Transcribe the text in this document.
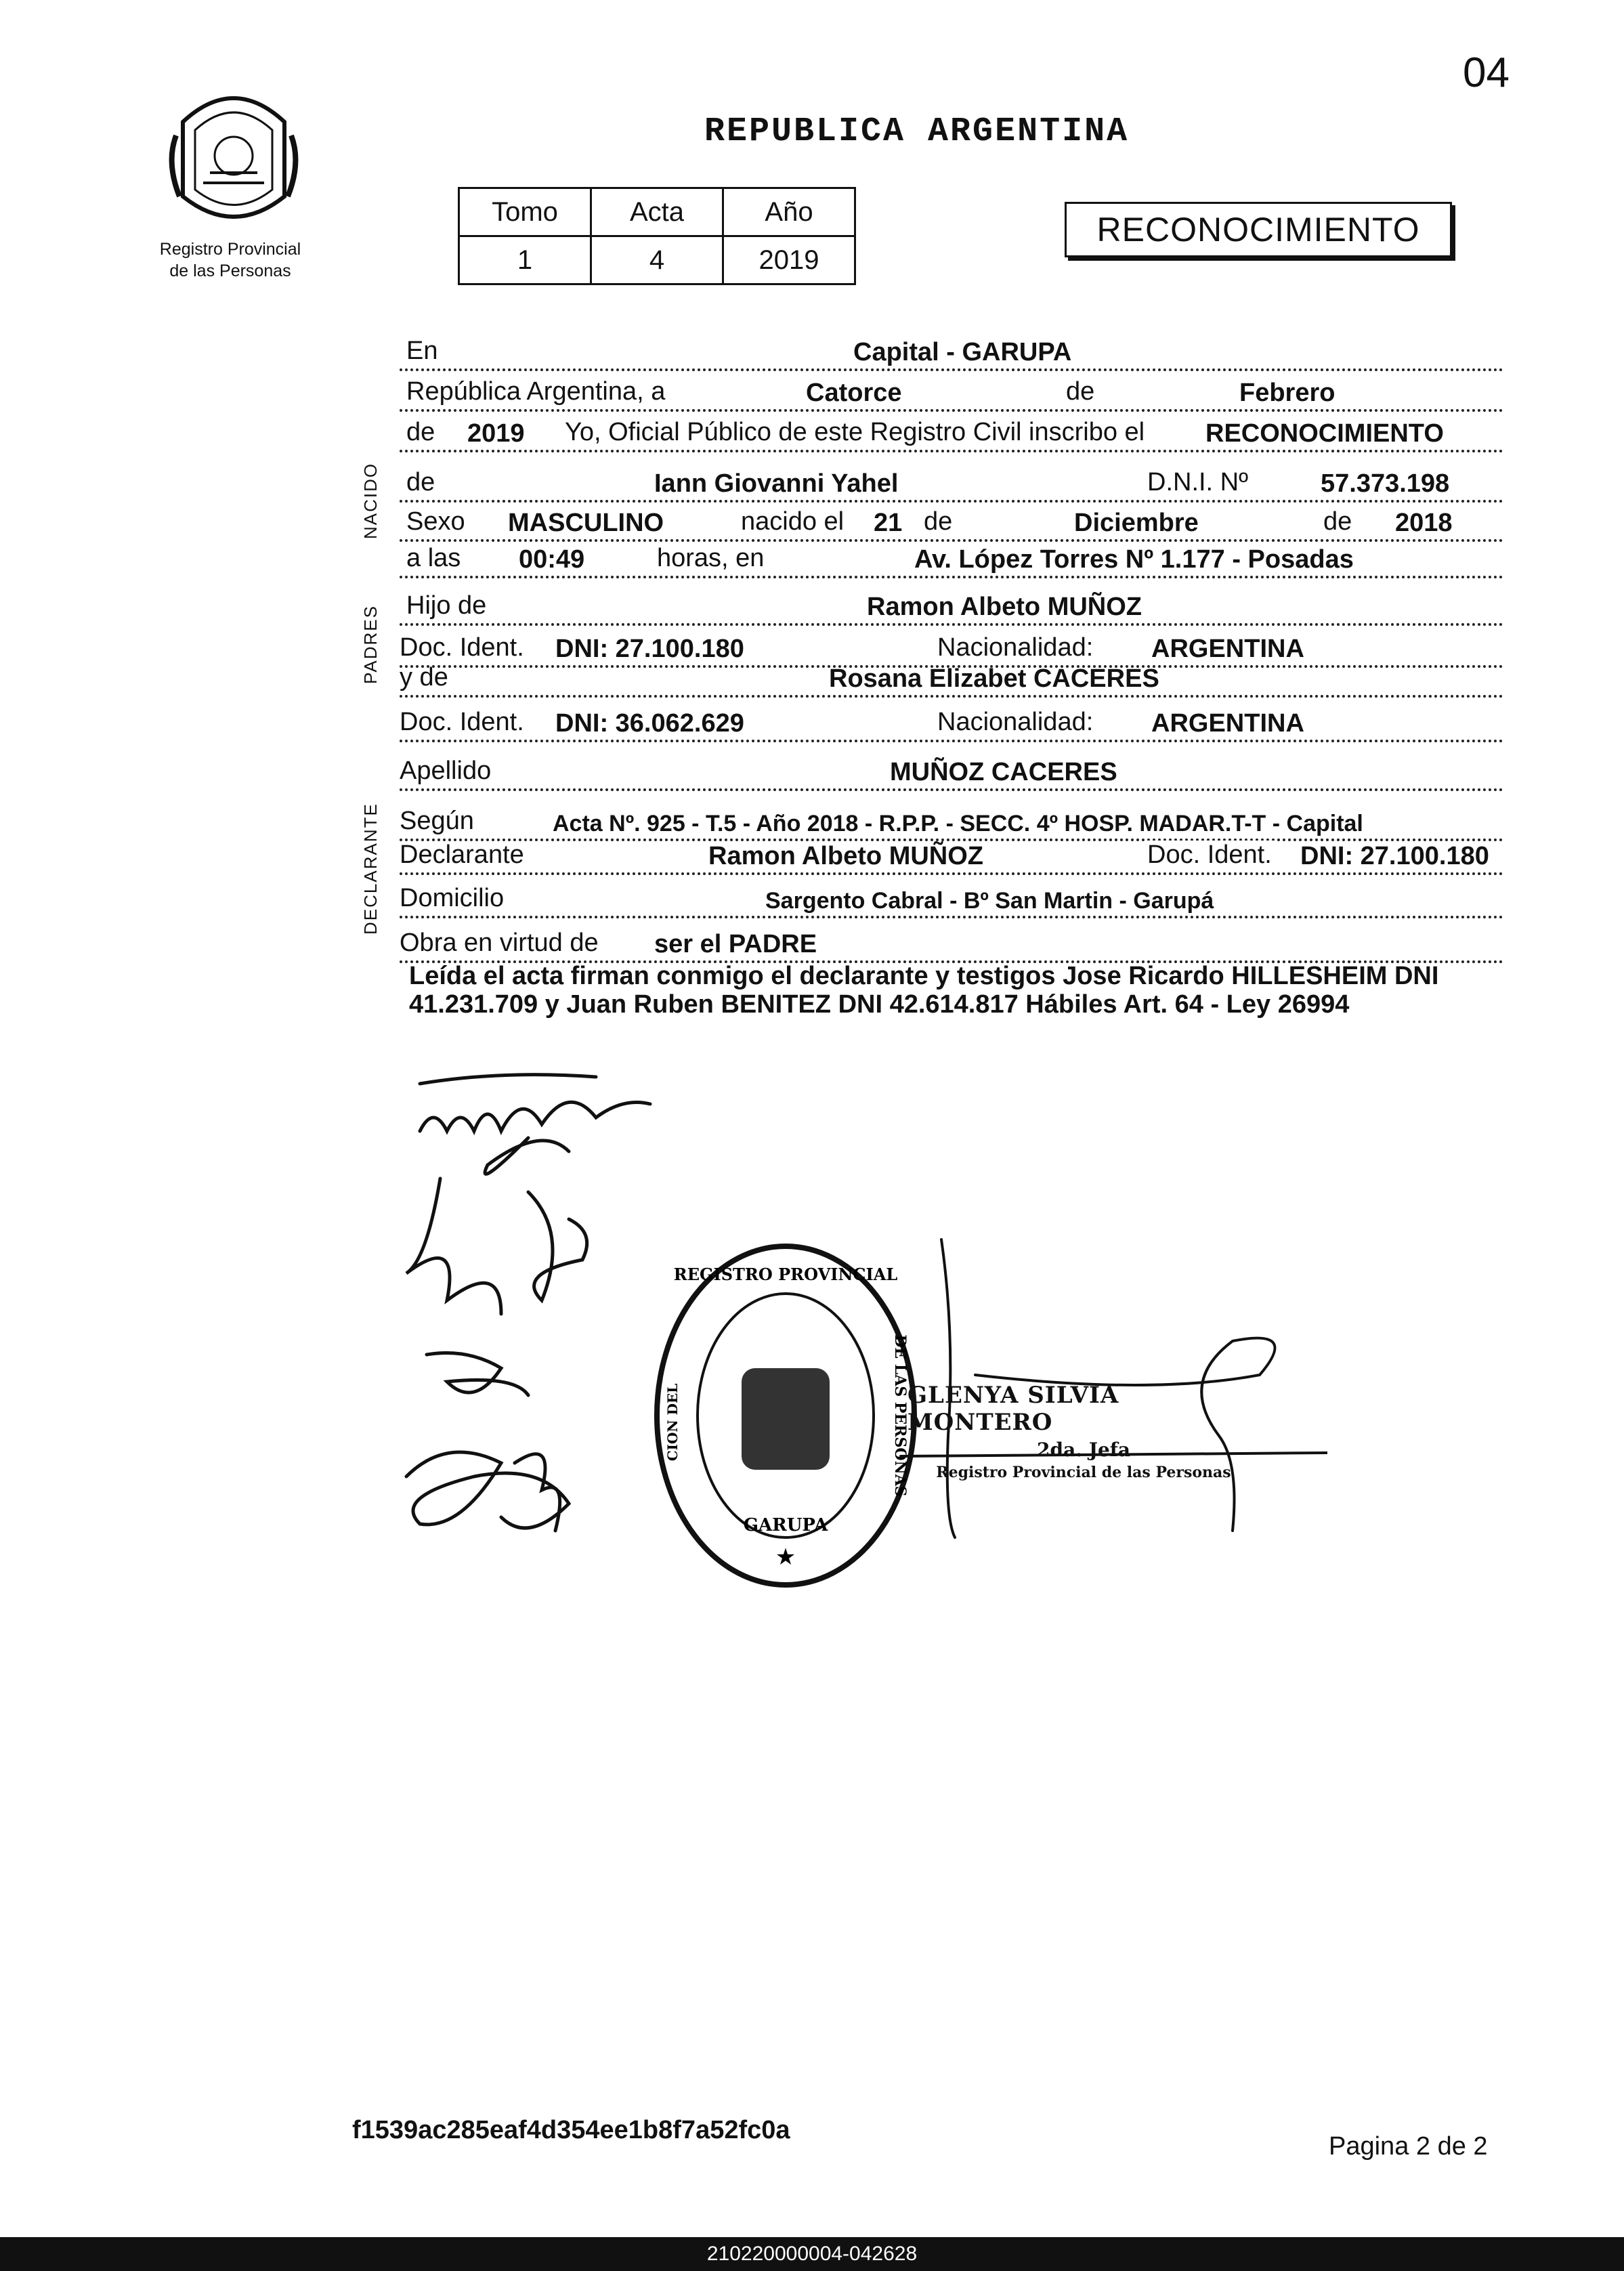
04
REPUBLICA ARGENTINA
Registro Provincial
de las Personas
Tomo	Acta	Año
1	4	2019
RECONOCIMIENTO
En	Capital - GARUPA
República Argentina, a	Catorce	de	Febrero
de 2019 Yo, Oficial Público de este Registro Civil inscribo el RECONOCIMIENTO
de	Iann Giovanni Yahel	D.N.I. Nº	57.373.198
Sexo MASCULINO	nacido el 21 de	Diciembre	de 2018
a las 00:49	horas, en	Av. López Torres Nº 1.177 - Posadas
NACIDO
Hijo de	Ramon Albeto MUÑOZ
Doc. Ident. DNI: 27.100.180	Nacionalidad: ARGENTINA
y de	Rosana Elizabet CACERES
Doc. Ident. DNI: 36.062.629	Nacionalidad: ARGENTINA
PADRES
Apellido	MUÑOZ CACERES
Según	Acta Nº. 925 - T.5 - Año 2018 - R.P.P. - SECC. 4º HOSP. MADAR.T-T - Capital
Declarante	Ramon Albeto MUÑOZ	Doc. Ident. DNI: 27.100.180
Domicilio	Sargento Cabral - Bº San Martin - Garupá
Obra en virtud de ser el PADRE
DECLARANTE
Leída el acta firman conmigo el declarante y testigos Jose Ricardo HILLESHEIM DNI 41.231.709 y Juan Ruben BENITEZ DNI 42.614.817 Hábiles Art. 64 - Ley 26994
REGISTRO PROVINCIAL
CION DEL	DE LAS PERSONAS
GARUPA
★
GLENYA SILVIA MONTERO
2da. Jefa
Registro Provincial de las Personas
f1539ac285eaf4d354ee1b8f7a52fc0a
Pagina 2 de 2
210220000004-042628
